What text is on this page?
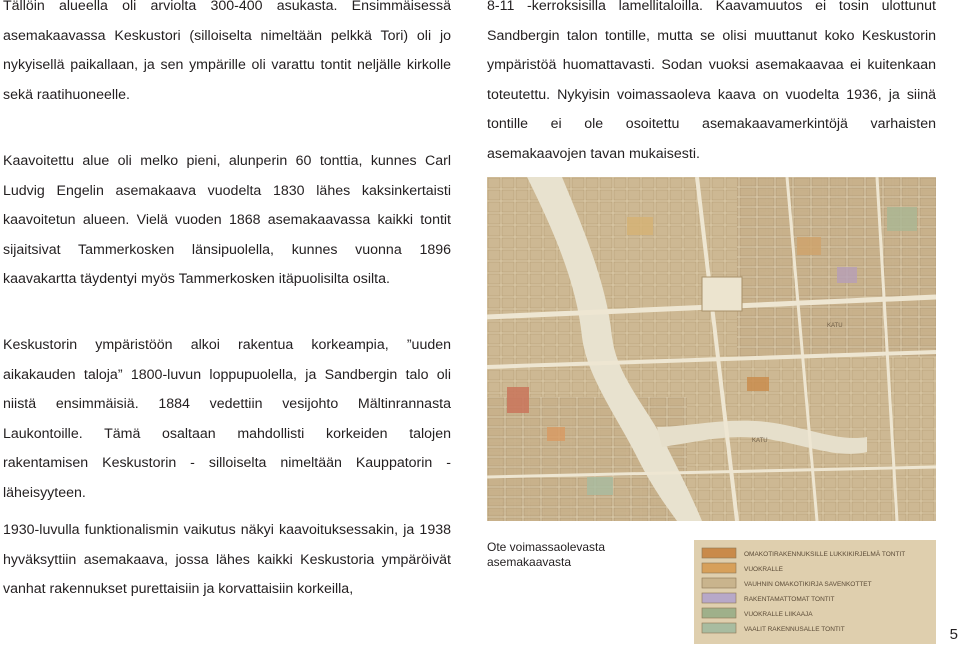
Tällöin alueella oli arviolta 300-400 asukasta. Ensimmäisessä asemakaavassa Keskustori (silloiselta nimeltään pelkkä Tori) oli jo nykyisellä paikallaan, ja sen ympärille oli varattu tontit neljälle kirkolle sekä raatihuoneelle.

Kaavoitettu alue oli melko pieni, alunperin 60 tonttia, kunnes Carl Ludvig Engelin asemakaava vuodelta 1830 lähes kaksinkertaisti kaavoitetun alueen. Vielä vuoden 1868 asemakaavassa kaikki tontit sijaitsivat Tammerkosken länsipuolella, kunnes vuonna 1896 kaavakartta täydentyi myös Tammerkosken itäpuolisilta osilta.

Keskustorin ympäristöön alkoi rakentua korkeampia, ”uuden aikakauden taloja” 1800-luvun loppupuolella, ja Sandbergin talo oli niistä ensimmäisiä. 1884 vedettiin vesijohto Mältinrannasta Laukontoille. Tämä osaltaan mahdollisti korkeiden talojen rakentamisen Keskustorin - silloiselta nimeltään Kauppatorin - läheisyyteen.

1930-luvulla funktionalismin vaikutus näkyi kaavoituksessakin, ja 1938 hyväksyttiin asemakaava, jossa lähes kaikki Keskustoria ympäröivät vanhat rakennukset purettaisiin ja korvattaisiin korkeilla,

8-11 -kerroksisilla lamellitaloilla. Kaavamuutos ei tosin ulottunut Sandbergin talon tontille, mutta se olisi muuttanut koko Keskustorin ympäristöä huomattavasti. Sodan vuoksi asemakaavaa ei kuitenkaan toteutettu. Nykyisin voimassaoleva kaava on vuodelta 1936, ja siinä tontille ei ole osoitettu asemakaavamerkintöjä varhaisten asemakaavojen tavan mukaisesti.

KATU
KATU
Ote voimassaolevasta asemakaavasta
OMAKOTIRAKENNUKSILLE LUKKIKIRJELMÄ TONTIT
VUOKRALLE
VAUHNIN OMAKOTIKIRJA SAVENKOTTET
RAKENTAMATTOMAT TONTIT
VUOKRALLE LIIKAAJA
VAALIT RAKENNUSALLE TONTIT	5
